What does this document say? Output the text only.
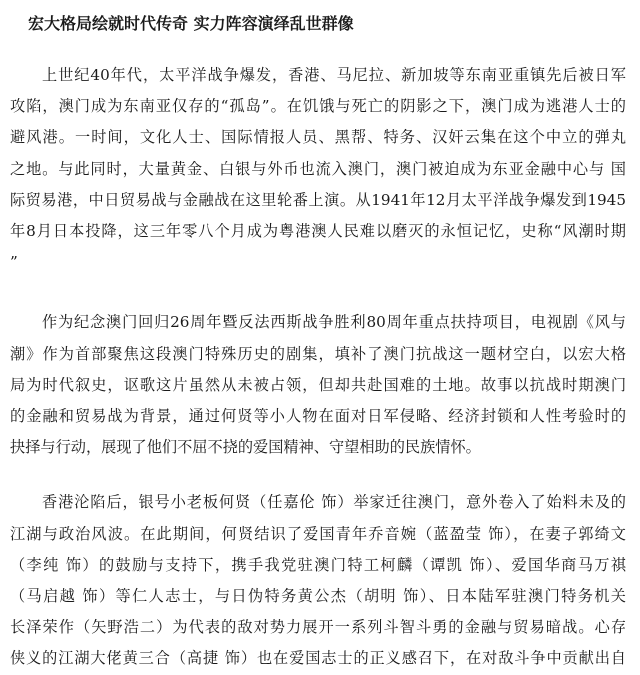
宏大格局绘就时代传奇 实力阵容演绎乱世群像
上世纪40年代，太平洋战争爆发，香港、马尼拉、新加坡等东南亚重镇先后被日军
攻陷，澳门成为东南亚仅存的“孤岛”。在饥饿与死亡的阴影之下，澳门成为逃港人士的
避风港。一时间，文化人士、国际情报人员、黑帮、特务、汉奸云集在这个中立的弹丸
之地。与此同时，大量黄金、白银与外币也流入澳门，澳门被迫成为东亚金融中心与 国
际贸易港，中日贸易战与金融战在这里轮番上演。从1941年12月太平洋战争爆发到1945
年8月日本投降，这三年零八个月成为粤港澳人民难以磨灭的永恒记忆，史称“风潮时期
”
作为纪念澳门回归26周年暨反法西斯战争胜利80周年重点扶持项目，电视剧《风与
潮》作为首部聚焦这段澳门特殊历史的剧集，填补了澳门抗战这一题材空白，以宏大格
局为时代叙史，讴歌这片虽然从未被占领，但却共赴国难的土地。故事以抗战时期澳门
的金融和贸易战为背景，通过何贤等小人物在面对日军侵略、经济封锁和人性考验时的
抉择与行动，展现了他们不屈不挠的爱国精神、守望相助的民族情怀。
香港沦陷后，银号小老板何贤（任嘉伦 饰）举家迁往澳门，意外卷入了始料未及的
江湖与政治风波。在此期间，何贤结识了爱国青年乔音婉（蓝盈莹 饰），在妻子郭绮文
（李纯 饰）的鼓励与支持下，携手我党驻澳门特工柯麟（谭凯 饰）、爱国华商马万祺
（马启越 饰）等仁人志士，与日伪特务黄公杰（胡明 饰）、日本陆军驻澳门特务机关
长泽荣作（矢野浩二）为代表的敌对势力展开一系列斗智斗勇的金融与贸易暗战。心存
侠义的江湖大佬黄三合（高捷 饰）也在爱国志士的正义感召下，在对敌斗争中贡献出自
